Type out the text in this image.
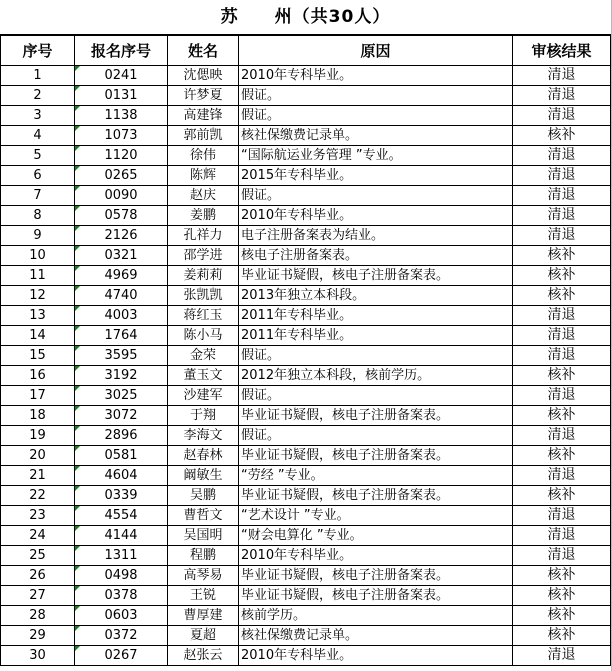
苏　　州（共30人）
序号	报名序号	姓名	原因	审核结果
1	0241	沈偲映	2010年专科毕业。	清退
2	0131	许梦夏	假证。	清退
3	1138	高建锋	假证。	清退
4	1073	郭前凯	核社保缴费记录单。	核补
5	1120	徐伟	“国际航运业务管理 ”专业。	清退
6	0265	陈辉	2015年专科毕业。	清退
7	0090	赵庆	假证。	清退
8	0578	姜鹏	2010年专科毕业。	清退
9	2126	孔祥力	电子注册备案表为结业。	清退
10	0321	邵学进	核电子注册备案表。	核补
11	4969	姜莉莉	毕业证书疑假，核电子注册备案表。	核补
12	4740	张凯凯	2013年独立本科段。	核补
13	4003	蒋红玉	2011年专科毕业。	清退
14	1764	陈小马	2011年专科毕业。	清退
15	3595	金荣	假证。	清退
16	3192	董玉文	2012年独立本科段，核前学历。	核补
17	3025	沙建军	假证。	清退
18	3072	于翔	毕业证书疑假，核电子注册备案表。	核补
19	2896	李海文	假证。	清退
20	0581	赵春林	毕业证书疑假，核电子注册备案表。	核补
21	4604	阚敏生	“劳经 ”专业。	清退
22	0339	吴鹏	毕业证书疑假，核电子注册备案表。	核补
23	4554	曹哲文	“艺术设计 ”专业。	清退
24	4144	吴国明	“财会电算化 ”专业。	清退
25	1311	程鹏	2010年专科毕业。	清退
26	0498	高琴易	毕业证书疑假，核电子注册备案表。	核补
27	0378	王锐	毕业证书疑假，核电子注册备案表。	核补
28	0603	曹厚建	核前学历。	核补
29	0372	夏超	核社保缴费记录单。	核补
30	0267	赵张云	2010年专科毕业。	清退
